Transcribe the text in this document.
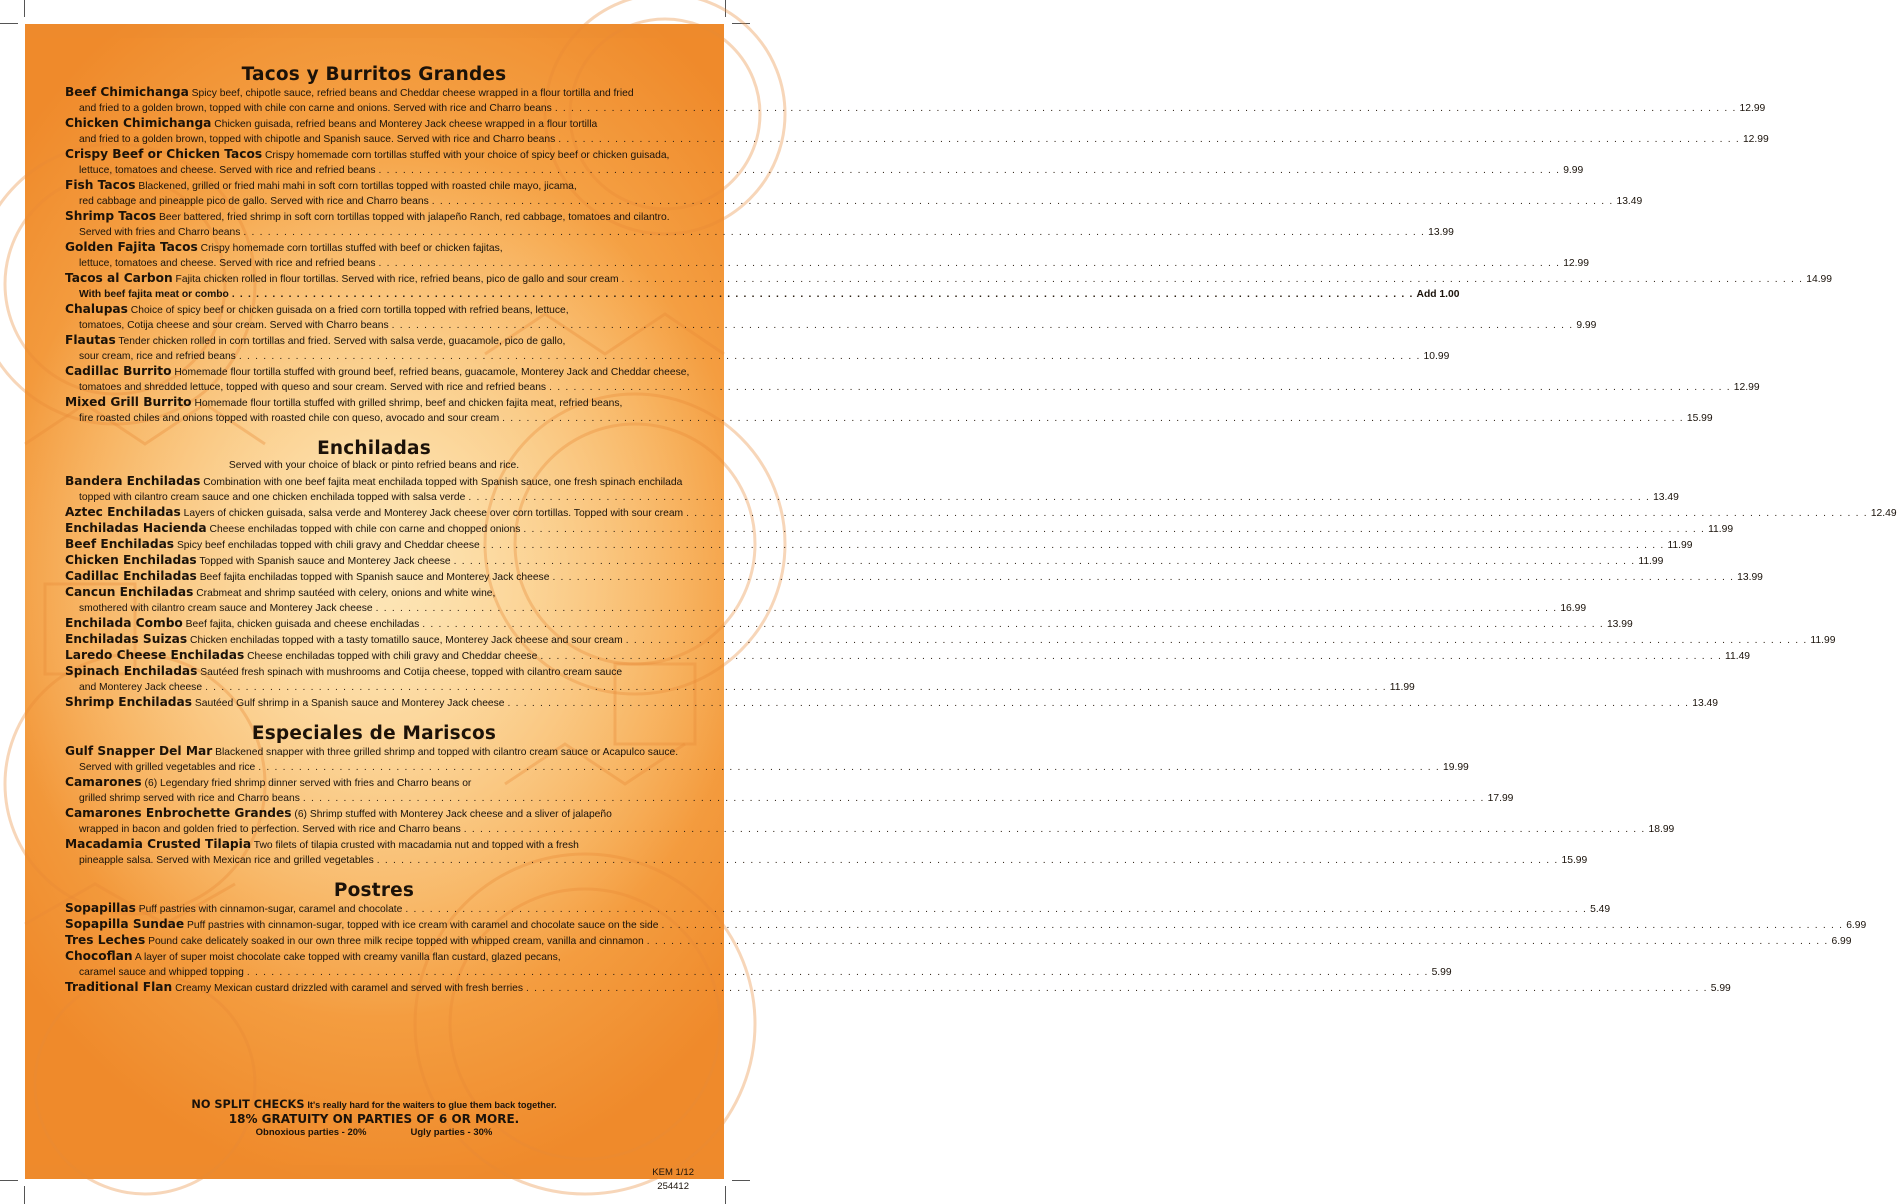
Tacos y Burritos Grandes
Beef Chimichanga Spicy beef, chipotle sauce, refried beans and Cheddar cheese wrapped in a flour tortilla and fried
and fried to a golden brown, topped with chile con carne and onions. Served with rice and Charro beans . . .	12.99
Chicken Chimichanga Chicken guisada, refried beans and Monterey Jack cheese wrapped in a flour tortilla
and fried to a golden brown, topped with chipotle and Spanish sauce. Served with rice and Charro beans . . .	12.99
Crispy Beef or Chicken Tacos Crispy homemade corn tortillas stuffed with your choice of spicy beef or chicken guisada,
lettuce, tomatoes and cheese. Served with rice and refried beans . . .	9.99
Fish Tacos Blackened, grilled or fried mahi mahi in soft corn tortillas topped with roasted chile mayo, jicama,
red cabbage and pineapple pico de gallo. Served with rice and Charro beans . . .	13.49
Shrimp Tacos Beer battered, fried shrimp in soft corn tortillas topped with jalapeño Ranch, red cabbage, tomatoes and cilantro.
Served with fries and Charro beans . . .	13.99
Golden Fajita Tacos Crispy homemade corn tortillas stuffed with beef or chicken fajitas,
lettuce, tomatoes and cheese. Served with rice and refried beans . . .	12.99
Tacos al Carbon Fajita chicken rolled in flour tortillas. Served with rice, refried beans, pico de gallo and sour cream . . .	14.99
With beef fajita meat or combo . . .	Add 1.00
Chalupas Choice of spicy beef or chicken guisada on a fried corn tortilla topped with refried beans, lettuce,
tomatoes, Cotija cheese and sour cream. Served with Charro beans . . .	9.99
Flautas Tender chicken rolled in corn tortillas and fried. Served with salsa verde, guacamole, pico de gallo,
sour cream, rice and refried beans . . .	10.99
Cadillac Burrito Homemade flour tortilla stuffed with ground beef, refried beans, guacamole, Monterey Jack and Cheddar cheese,
tomatoes and shredded lettuce, topped with queso and sour cream. Served with rice and refried beans . . .	12.99
Mixed Grill Burrito Homemade flour tortilla stuffed with grilled shrimp, beef and chicken fajita meat, refried beans,
fire roasted chiles and onions topped with roasted chile con queso, avocado and sour cream . . .	15.99
Enchiladas
Served with your choice of black or pinto refried beans and rice.
Bandera Enchiladas Combination with one beef fajita meat enchilada topped with Spanish sauce, one fresh spinach enchilada
topped with cilantro cream sauce and one chicken enchilada topped with salsa verde . . .	13.49
Aztec Enchiladas Layers of chicken guisada, salsa verde and Monterey Jack cheese over corn tortillas. Topped with sour cream . . .	12.49
Enchiladas Hacienda Cheese enchiladas topped with chile con carne and chopped onions . . .	11.99
Beef Enchiladas Spicy beef enchiladas topped with chili gravy and Cheddar cheese . . .	11.99
Chicken Enchiladas Topped with Spanish sauce and Monterey Jack cheese . . .	11.99
Cadillac Enchiladas Beef fajita enchiladas topped with Spanish sauce and Monterey Jack cheese . . .	13.99
Cancun Enchiladas Crabmeat and shrimp sautéed with celery, onions and white wine,
smothered with cilantro cream sauce and Monterey Jack cheese . . .	16.99
Enchilada Combo Beef fajita, chicken guisada and cheese enchiladas . . .	13.99
Enchiladas Suizas Chicken enchiladas topped with a tasty tomatillo sauce, Monterey Jack cheese and sour cream . . .	11.99
Laredo Cheese Enchiladas Cheese enchiladas topped with chili gravy and Cheddar cheese . . .	11.49
Spinach Enchiladas Sautéed fresh spinach with mushrooms and Cotija cheese, topped with cilantro cream sauce
and Monterey Jack cheese . . .	11.99
Shrimp Enchiladas Sautéed Gulf shrimp in a Spanish sauce and Monterey Jack cheese . . .	13.49
Especiales de Mariscos
Gulf Snapper Del Mar Blackened snapper with three grilled shrimp and topped with cilantro cream sauce or Acapulco sauce.
Served with grilled vegetables and rice . . .	19.99
Camarones (6) Legendary fried shrimp dinner served with fries and Charro beans or
grilled shrimp served with rice and Charro beans . . .	17.99
Camarones Enbrochette Grandes (6) Shrimp stuffed with Monterey Jack cheese and a sliver of jalapeño
wrapped in bacon and golden fried to perfection. Served with rice and Charro beans . . .	18.99
Macadamia Crusted Tilapia Two filets of tilapia crusted with macadamia nut and topped with a fresh
pineapple salsa. Served with Mexican rice and grilled vegetables . . .	15.99
Postres
Sopapillas Puff pastries with cinnamon-sugar, caramel and chocolate . . .	5.49
Sopapilla Sundae Puff pastries with cinnamon-sugar, topped with ice cream with caramel and chocolate sauce on the side . . .	6.99
Tres Leches Pound cake delicately soaked in our own three milk recipe topped with whipped cream, vanilla and cinnamon . . .	6.99
Chocoflan A layer of super moist chocolate cake topped with creamy vanilla flan custard, glazed pecans,
caramel sauce and whipped topping . . .	5.99
Traditional Flan Creamy Mexican custard drizzled with caramel and served with fresh berries . . .	5.99
NO SPLIT CHECKS It's really hard for the waiters to glue them back together.
18% GRATUITY ON PARTIES OF 6 OR MORE.
Obnoxious parties - 20%	Ugly parties - 30%
KEM 1/12
254412
